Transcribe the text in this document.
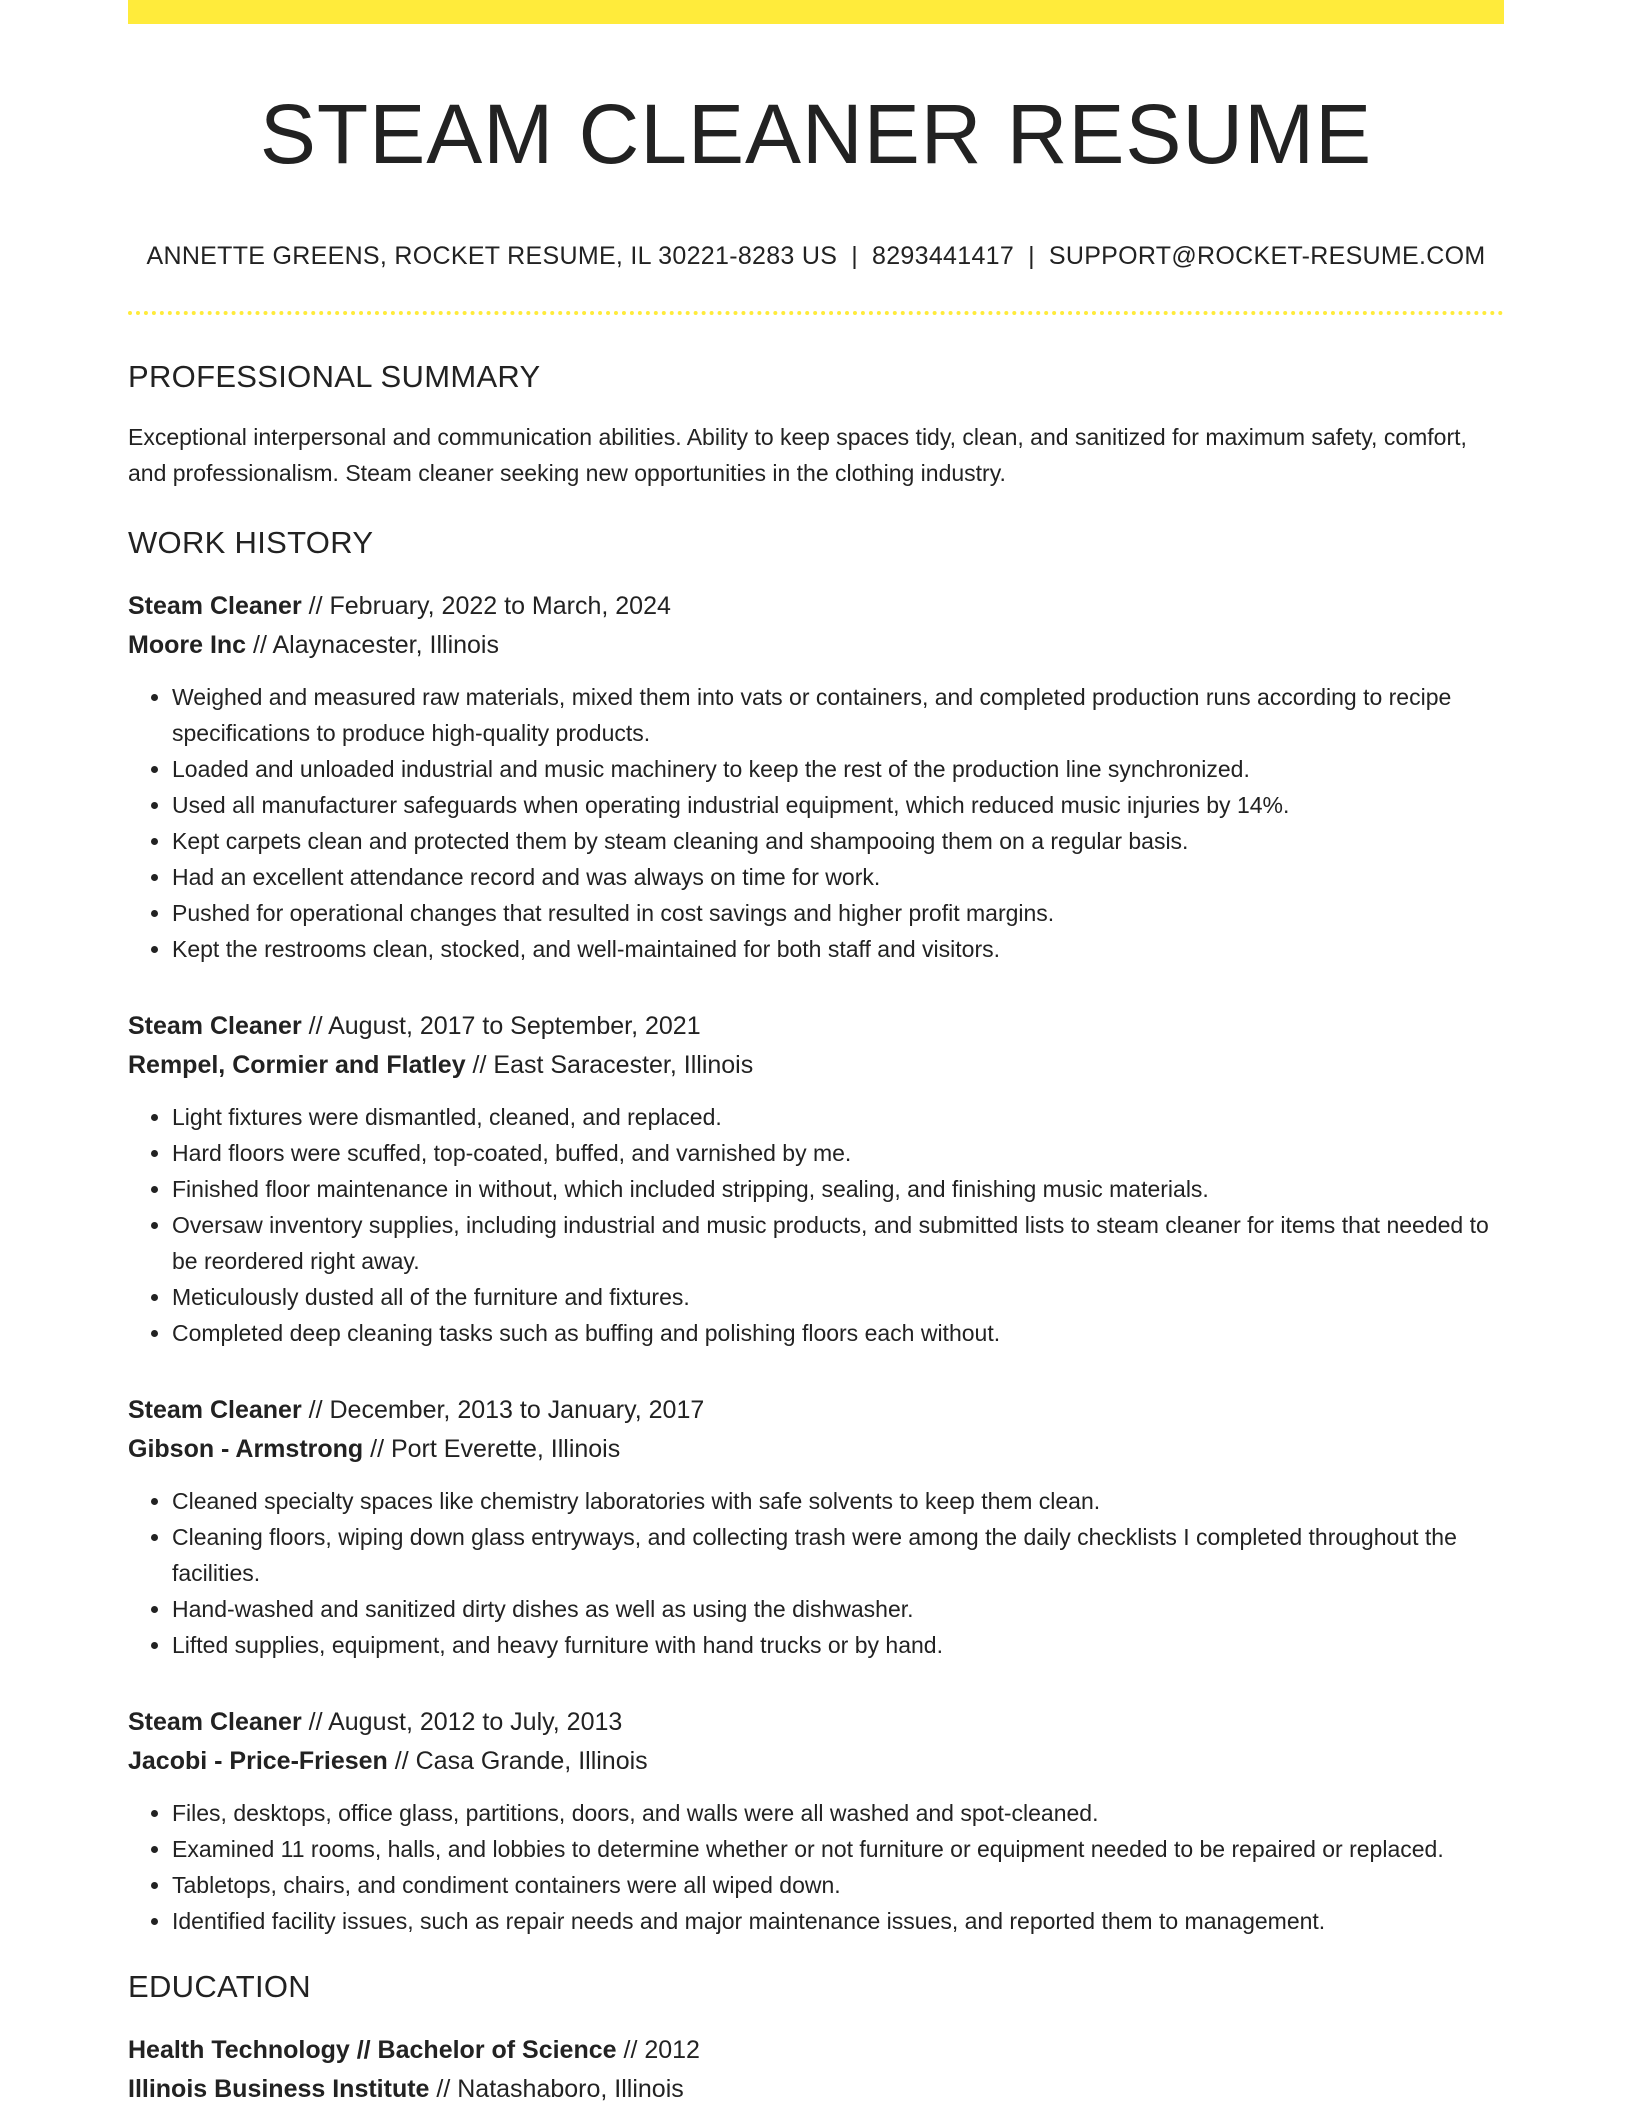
STEAM CLEANER RESUME
ANNETTE GREENS, ROCKET RESUME, IL 30221-8283 US | 8293441417 | SUPPORT@ROCKET-RESUME.COM
PROFESSIONAL SUMMARY

Exceptional interpersonal and communication abilities. Ability to keep spaces tidy, clean, and sanitized for maximum safety, comfort, and professionalism. Steam cleaner seeking new opportunities in the clothing industry.

WORK HISTORY
Steam Cleaner // February, 2022 to March, 2024
Moore Inc // Alaynacester, Illinois
• Weighed and measured raw materials, mixed them into vats or containers, and completed production runs according to recipe specifications to produce high-quality products.
• Loaded and unloaded industrial and music machinery to keep the rest of the production line synchronized.
• Used all manufacturer safeguards when operating industrial equipment, which reduced music injuries by 14%.
• Kept carpets clean and protected them by steam cleaning and shampooing them on a regular basis.
• Had an excellent attendance record and was always on time for work.
• Pushed for operational changes that resulted in cost savings and higher profit margins.
• Kept the restrooms clean, stocked, and well-maintained for both staff and visitors.
Steam Cleaner // August, 2017 to September, 2021
Rempel, Cormier and Flatley // East Saracester, Illinois
• Light fixtures were dismantled, cleaned, and replaced.
• Hard floors were scuffed, top-coated, buffed, and varnished by me.
• Finished floor maintenance in without, which included stripping, sealing, and finishing music materials.
• Oversaw inventory supplies, including industrial and music products, and submitted lists to steam cleaner for items that needed to be reordered right away.
• Meticulously dusted all of the furniture and fixtures.
• Completed deep cleaning tasks such as buffing and polishing floors each without.
Steam Cleaner // December, 2013 to January, 2017
Gibson - Armstrong // Port Everette, Illinois
• Cleaned specialty spaces like chemistry laboratories with safe solvents to keep them clean.
• Cleaning floors, wiping down glass entryways, and collecting trash were among the daily checklists I completed throughout the facilities.
• Hand-washed and sanitized dirty dishes as well as using the dishwasher.
• Lifted supplies, equipment, and heavy furniture with hand trucks or by hand.
Steam Cleaner // August, 2012 to July, 2013
Jacobi - Price-Friesen // Casa Grande, Illinois
• Files, desktops, office glass, partitions, doors, and walls were all washed and spot-cleaned.
• Examined 11 rooms, halls, and lobbies to determine whether or not furniture or equipment needed to be repaired or replaced.
• Tabletops, chairs, and condiment containers were all wiped down.
• Identified facility issues, such as repair needs and major maintenance issues, and reported them to management.
EDUCATION
Health Technology // Bachelor of Science // 2012
Illinois Business Institute // Natashaboro, Illinois
